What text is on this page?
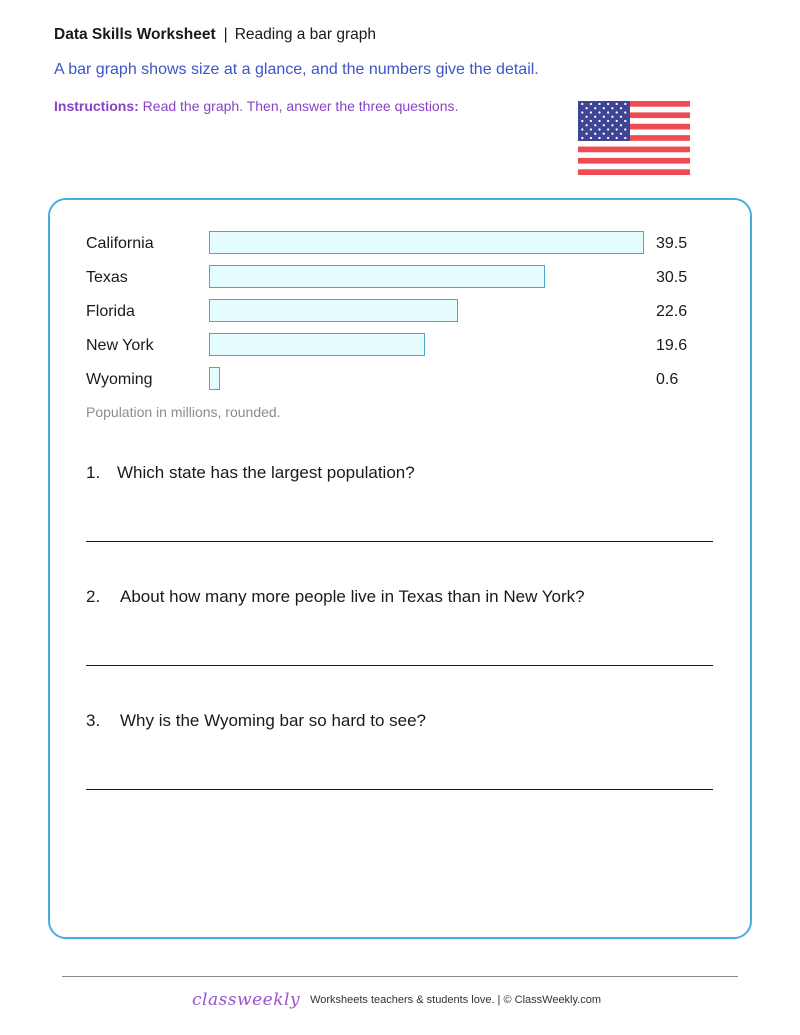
Data Skills Worksheet | Reading a bar graph
A bar graph shows size at a glance, and the numbers give the detail.
Instructions: Read the graph. Then, answer the three questions.
California	39.5
Texas	30.5
Florida	22.6
New York	19.6
Wyoming	0.6
Population in millions, rounded.
1. Which state has the largest population?
2. About how many more people live in Texas than in New York?
3. Why is the Wyoming bar so hard to see?
classweekly Worksheets teachers & students love. | © ClassWeekly.com
